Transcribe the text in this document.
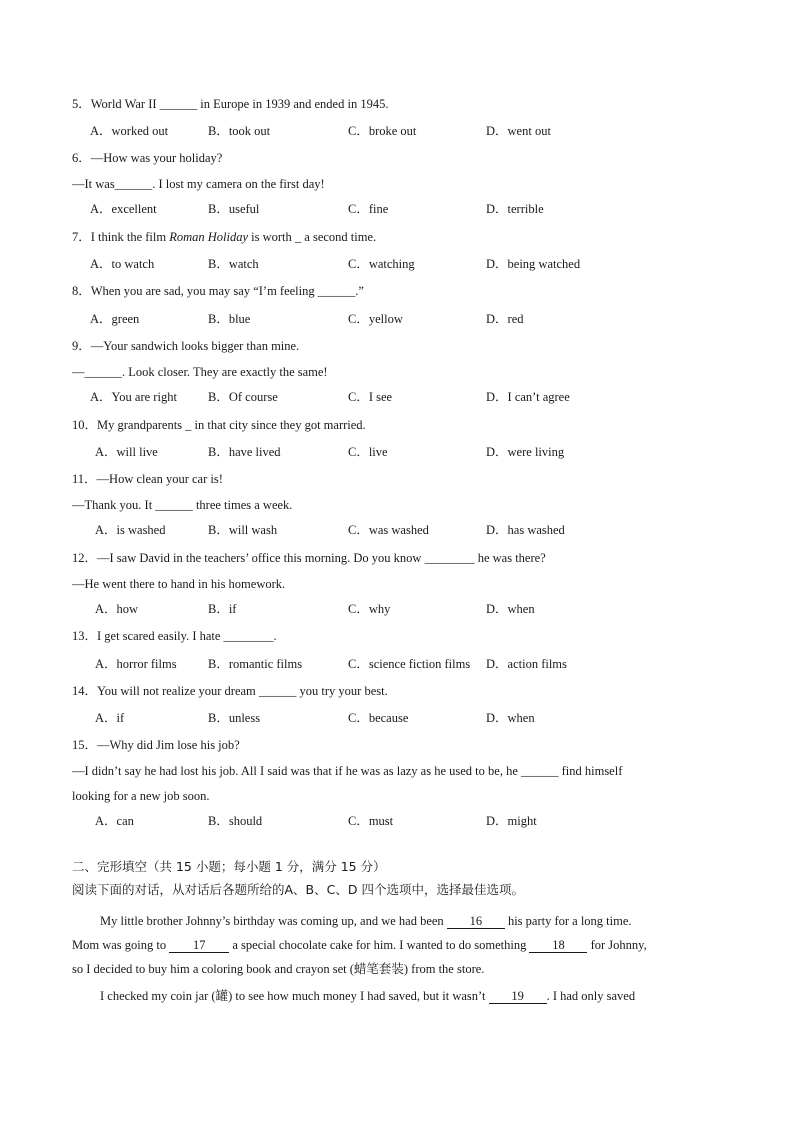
5．World War II ______ in Europe in 1939 and ended in 1945.
A．worked out	B．took out	C．broke out	D．went out
6．—How was your holiday?
—It was______. I lost my camera on the first day!
A．excellent	B．useful	C．fine	D．terrible
7．I think the film Roman Holiday is worth _ a second time.
A．to watch	B．watch	C．watching	D．being watched
8．When you are sad, you may say “I’m feeling ______.”
A．green	B．blue	C．yellow	D．red
9．—Your sandwich looks bigger than mine.
—______. Look closer. They are exactly the same!
A．You are right B．Of course	C．I see	D．I can’t agree
10．My grandparents _ in that city since they got married.
A．will live	B．have lived	C．live	D．were living
11．—How clean your car is!
—Thank you. It ______ three times a week.
A．is washed	B．will wash	C．was washed	D．has washed
12．—I saw David in the teachers’ office this morning. Do you know ________ he was there?
—He went there to hand in his homework.
A．how	B．if	C．why	D．when
13．I get scared easily. I hate ________.
A．horror films	B．romantic films	C．science fiction films D．action films
14．You will not realize your dream ______ you try your best.
A．if	B．unless	C．because	D．when
15．—Why did Jim lose his job?
—I didn’t say he had lost his job. All I said was that if he was as lazy as he used to be, he ______ find himself
looking for a new job soon.
A．can	B．should	C．must	D．might
二、完形填空（共 15 小题；每小题 1 分，满分 15 分）
阅读下面的对话，从对话后各题所给的A、B、C、D 四个选项中，选择最佳选项。
My little brother Johnny’s birthday was coming up, and we had been 16 his party for a long time.
Mom was going to 17 a special chocolate cake for him. I wanted to do something 18 for Johnny,
so I decided to buy him a coloring book and crayon set (蜡笔套装) from the store.
I checked my coin jar (罐) to see how much money I had saved, but it wasn’t 19 . I had only saved
